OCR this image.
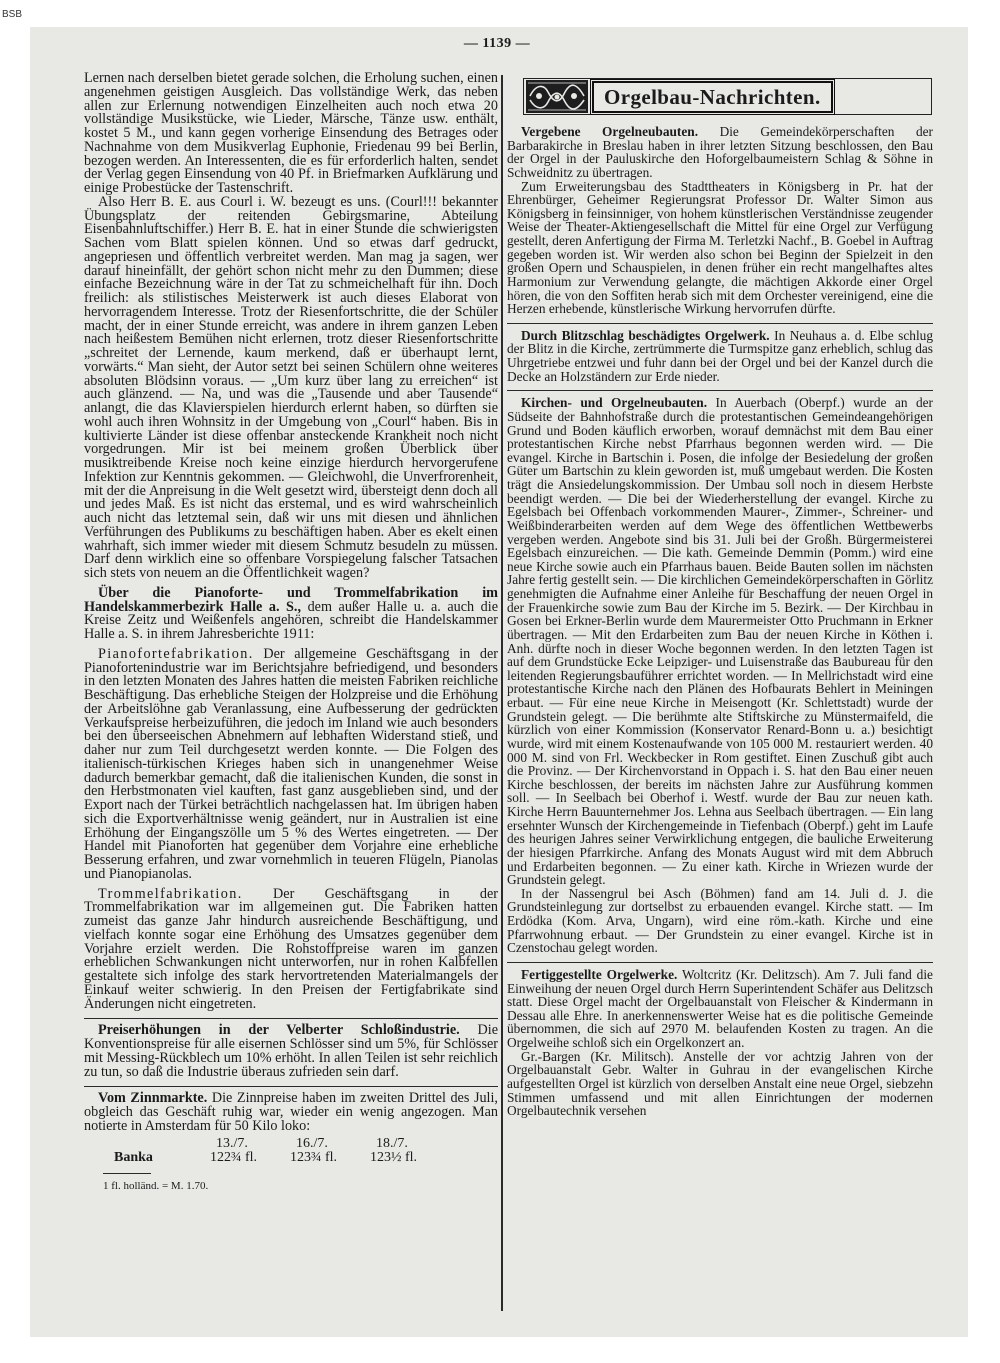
BSB
— 1139 —

Lernen nach derselben bietet gerade solchen, die Erholung suchen, einen angenehmen geistigen Ausgleich. Das vollständige Werk, das neben allen zur Erlernung notwendigen Einzelheiten auch noch etwa 20 vollständige Musikstücke, wie Lieder, Märsche, Tänze usw. enthält, kostet 5 M., und kann gegen vorherige Einsendung des Betrages oder Nachnahme von dem Musikverlag Euphonie, Friedenau 99 bei Berlin, bezogen werden. An Interessenten, die es für erforderlich halten, sendet der Verlag gegen Einsendung von 40 Pf. in Briefmarken Aufklärung und einige Probestücke der Tastenschrift.

Also Herr B. E. aus Courl i. W. bezeugt es uns. (Courl!!! bekannter Übungsplatz der reitenden Gebirgsmarine, Abteilung Eisenbahnluftschiffer.) Herr B. E. hat in einer Stunde die schwierigsten Sachen vom Blatt spielen können. Und so etwas darf gedruckt, angepriesen und öffentlich verbreitet werden. Man mag ja sagen, wer darauf hineinfällt, der gehört schon nicht mehr zu den Dummen; diese einfache Bezeichnung wäre in der Tat zu schmeichelhaft für ihn. Doch freilich: als stilistisches Meisterwerk ist auch dieses Elaborat von hervorragendem Interesse. Trotz der Riesenfortschritte, die der Schüler macht, der in einer Stunde erreicht, was andere in ihrem ganzen Leben nach heißestem Bemühen nicht erlernen, trotz dieser Riesenfortschritte „schreitet der Lernende, kaum merkend, daß er überhaupt lernt, vorwärts.“ Man sieht, der Autor setzt bei seinen Schülern ohne weiteres absoluten Blödsinn voraus. — „Um kurz über lang zu erreichen“ ist auch glänzend. — Na, und was die „Tausende und aber Tausende“ anlangt, die das Klavierspielen hierdurch erlernt haben, so dürften sie wohl auch ihren Wohnsitz in der Umgebung von „Courl“ haben. Bis in kultivierte Länder ist diese offenbar ansteckende Krankheit noch nicht vorgedrungen. Mir ist bei meinem großen Überblick über musiktreibende Kreise noch keine einzige hierdurch hervorgerufene Infektion zur Kenntnis gekommen. — Gleichwohl, die Unverfrorenheit, mit der die Anpreisung in die Welt gesetzt wird, übersteigt denn doch all und jedes Maß. Es ist nicht das erstemal, und es wird wahrscheinlich auch nicht das letztemal sein, daß wir uns mit diesen und ähnlichen Verführungen des Publikums zu beschäftigen haben. Aber es ekelt einen wahrhaft, sich immer wieder mit diesem Schmutz besudeln zu müssen. Darf denn wirklich eine so offenbare Vorspiegelung falscher Tatsachen sich stets von neuem an die Öffentlichkeit wagen?

Über die Pianoforte- und Trommelfabrikation im Handelskammerbezirk Halle a. S., dem außer Halle u. a. auch die Kreise Zeitz und Weißenfels angehören, schreibt die Handelskammer Halle a. S. in ihrem Jahresberichte 1911:

Pianofortefabrikation. Der allgemeine Geschäftsgang in der Pianofortenindustrie war im Berichtsjahre befriedigend, und besonders in den letzten Monaten des Jahres hatten die meisten Fabriken reichliche Beschäftigung. Das erhebliche Steigen der Holzpreise und die Erhöhung der Arbeitslöhne gab Veranlassung, eine Aufbesserung der gedrückten Verkaufspreise herbeizuführen, die jedoch im Inland wie auch besonders bei den überseeischen Abnehmern auf lebhaften Widerstand stieß, und daher nur zum Teil durchgesetzt werden konnte. — Die Folgen des italienisch-türkischen Krieges haben sich in unangenehmer Weise dadurch bemerkbar gemacht, daß die italienischen Kunden, die sonst in den Herbstmonaten viel kauften, fast ganz ausgeblieben sind, und der Export nach der Türkei beträchtlich nachgelassen hat. Im übrigen haben sich die Exportverhältnisse wenig geändert, nur in Australien ist eine Erhöhung der Eingangszölle um 5 % des Wertes eingetreten. — Der Handel mit Pianoforten hat gegenüber dem Vorjahre eine erhebliche Besserung erfahren, und zwar vornehmlich in teueren Flügeln, Pianolas und Pianopianolas.

Trommelfabrikation. Der Geschäftsgang in der Trommelfabrikation war im allgemeinen gut. Die Fabriken hatten zumeist das ganze Jahr hindurch ausreichende Beschäftigung, und vielfach konnte sogar eine Erhöhung des Umsatzes gegenüber dem Vorjahre erzielt werden. Die Rohstoffpreise waren im ganzen erheblichen Schwankungen nicht unterworfen, nur in rohen Kalbfellen gestaltete sich infolge des stark hervortretenden Materialmangels der Einkauf weiter schwierig. In den Preisen der Fertigfabrikate sind Änderungen nicht eingetreten.

Preiserhöhungen in der Velberter Schloßindustrie. Die Konventionspreise für alle eisernen Schlösser sind um 5%, für Schlösser mit Messing-Rückblech um 10% erhöht. In allen Teilen ist sehr reichlich zu tun, so daß die Industrie überaus zufrieden sein darf.

Vom Zinnmarkte. Die Zinnpreise haben im zweiten Drittel des Juli, obgleich das Geschäft ruhig war, wieder ein wenig angezogen. Man notierte in Amsterdam für 50 Kilo loko:

	13./7.	16./7.	18./7.
Banka	122¾ fl.	123¾ fl.	123½ fl.
1 fl. holländ. = M. 1.70.
Orgelbau-Nachrichten.

Vergebene Orgelneubauten. Die Gemeindekörperschaften der Barbarakirche in Breslau haben in ihrer letzten Sitzung beschlossen, den Bau der Orgel in der Pauluskirche den Hoforgelbaumeistern Schlag & Söhne in Schweidnitz zu übertragen.

Zum Erweiterungsbau des Stadttheaters in Königsberg in Pr. hat der Ehrenbürger, Geheimer Regierungsrat Professor Dr. Walter Simon aus Königsberg in feinsinniger, von hohem künstlerischen Verständnisse zeugender Weise der Theater-Aktiengesellschaft die Mittel für eine Orgel zur Verfügung gestellt, deren Anfertigung der Firma M. Terletzki Nachf., B. Goebel in Auftrag gegeben worden ist. Wir werden also schon bei Beginn der Spielzeit in den großen Opern und Schauspielen, in denen früher ein recht mangelhaftes altes Harmonium zur Verwendung gelangte, die mächtigen Akkorde einer Orgel hören, die von den Soffiten herab sich mit dem Orchester vereinigend, eine die Herzen erhebende, künstlerische Wirkung hervorrufen dürfte.

Durch Blitzschlag beschädigtes Orgelwerk. In Neuhaus a. d. Elbe schlug der Blitz in die Kirche, zertrümmerte die Turmspitze ganz erheblich, schlug das Uhrgetriebe entzwei und fuhr dann bei der Orgel und bei der Kanzel durch die Decke an Holzständern zur Erde nieder.

Kirchen- und Orgelneubauten. In Auerbach (Oberpf.) wurde an der Südseite der Bahnhofstraße durch die protestantischen Gemeindeangehörigen Grund und Boden käuflich erworben, worauf demnächst mit dem Bau einer protestantischen Kirche nebst Pfarrhaus begonnen werden wird. — Die evangel. Kirche in Bartschin i. Posen, die infolge der Besiedelung der großen Güter um Bartschin zu klein geworden ist, muß umgebaut werden. Die Kosten trägt die Ansiedelungskommission. Der Umbau soll noch in diesem Herbste beendigt werden. — Die bei der Wiederherstellung der evangel. Kirche zu Egelsbach bei Offenbach vorkommenden Maurer-, Zimmer-, Schreiner- und Weißbinderarbeiten werden auf dem Wege des öffentlichen Wettbewerbs vergeben werden. Angebote sind bis 31. Juli bei der Großh. Bürgermeisterei Egelsbach einzureichen. — Die kath. Gemeinde Demmin (Pomm.) wird eine neue Kirche sowie auch ein Pfarrhaus bauen. Beide Bauten sollen im nächsten Jahre fertig gestellt sein. — Die kirchlichen Gemeindekörperschaften in Görlitz genehmigten die Aufnahme einer Anleihe für Beschaffung der neuen Orgel in der Frauenkirche sowie zum Bau der Kirche im 5. Bezirk. — Der Kirchbau in Gosen bei Erkner-Berlin wurde dem Maurermeister Otto Pruchmann in Erkner übertragen. — Mit den Erdarbeiten zum Bau der neuen Kirche in Köthen i. Anh. dürfte noch in dieser Woche begonnen werden. In den letzten Tagen ist auf dem Grundstücke Ecke Leipziger- und Luisenstraße das Baubureau für den leitenden Regierungsbauführer errichtet worden. — In Mellrichstadt wird eine protestantische Kirche nach den Plänen des Hofbaurats Behlert in Meiningen erbaut. — Für eine neue Kirche in Meisengott (Kr. Schlettstadt) wurde der Grundstein gelegt. — Die berühmte alte Stiftskirche zu Münstermaifeld, die kürzlich von einer Kommission (Konservator Renard-Bonn u. a.) besichtigt wurde, wird mit einem Kostenaufwande von 105 000 M. restauriert werden. 40 000 M. sind von Frl. Weckbecker in Rom gestiftet. Einen Zuschuß gibt auch die Provinz. — Der Kirchenvorstand in Oppach i. S. hat den Bau einer neuen Kirche beschlossen, der bereits im nächsten Jahre zur Ausführung kommen soll. — In Seelbach bei Oberhof i. Westf. wurde der Bau zur neuen kath. Kirche Herrn Bauunternehmer Jos. Lehna aus Seelbach übertragen. — Ein lang ersehnter Wunsch der Kirchengemeinde in Tiefenbach (Oberpf.) geht im Laufe des heurigen Jahres seiner Verwirklichung entgegen, die bauliche Erweiterung der hiesigen Pfarrkirche. Anfang des Monats August wird mit dem Abbruch und Erdarbeiten begonnen. — Zu einer kath. Kirche in Wriezen wurde der Grundstein gelegt.

In der Nassengrul bei Asch (Böhmen) fand am 14. Juli d. J. die Grundsteinlegung zur dortselbst zu erbauenden evangel. Kirche statt. — Im Erdödka (Kom. Arva, Ungarn), wird eine röm.-kath. Kirche und eine Pfarrwohnung erbaut. — Der Grundstein zu einer evangel. Kirche ist in Czenstochau gelegt worden.

Fertiggestellte Orgelwerke. Woltcritz (Kr. Delitzsch). Am 7. Juli fand die Einweihung der neuen Orgel durch Herrn Superintendent Schäfer aus Delitzsch statt. Diese Orgel macht der Orgelbauanstalt von Fleischer & Kindermann in Dessau alle Ehre. In anerkennenswerter Weise hat es die politische Gemeinde übernommen, die sich auf 2970 M. belaufenden Kosten zu tragen. An die Orgelweihe schloß sich ein Orgelkonzert an.

Gr.-Bargen (Kr. Militsch). Anstelle der vor achtzig Jahren von der Orgelbauanstalt Gebr. Walter in Guhrau in der evangelischen Kirche aufgestellten Orgel ist kürzlich von derselben Anstalt eine neue Orgel, siebzehn Stimmen umfassend und mit allen Einrichtungen der modernen Orgelbautechnik versehen
